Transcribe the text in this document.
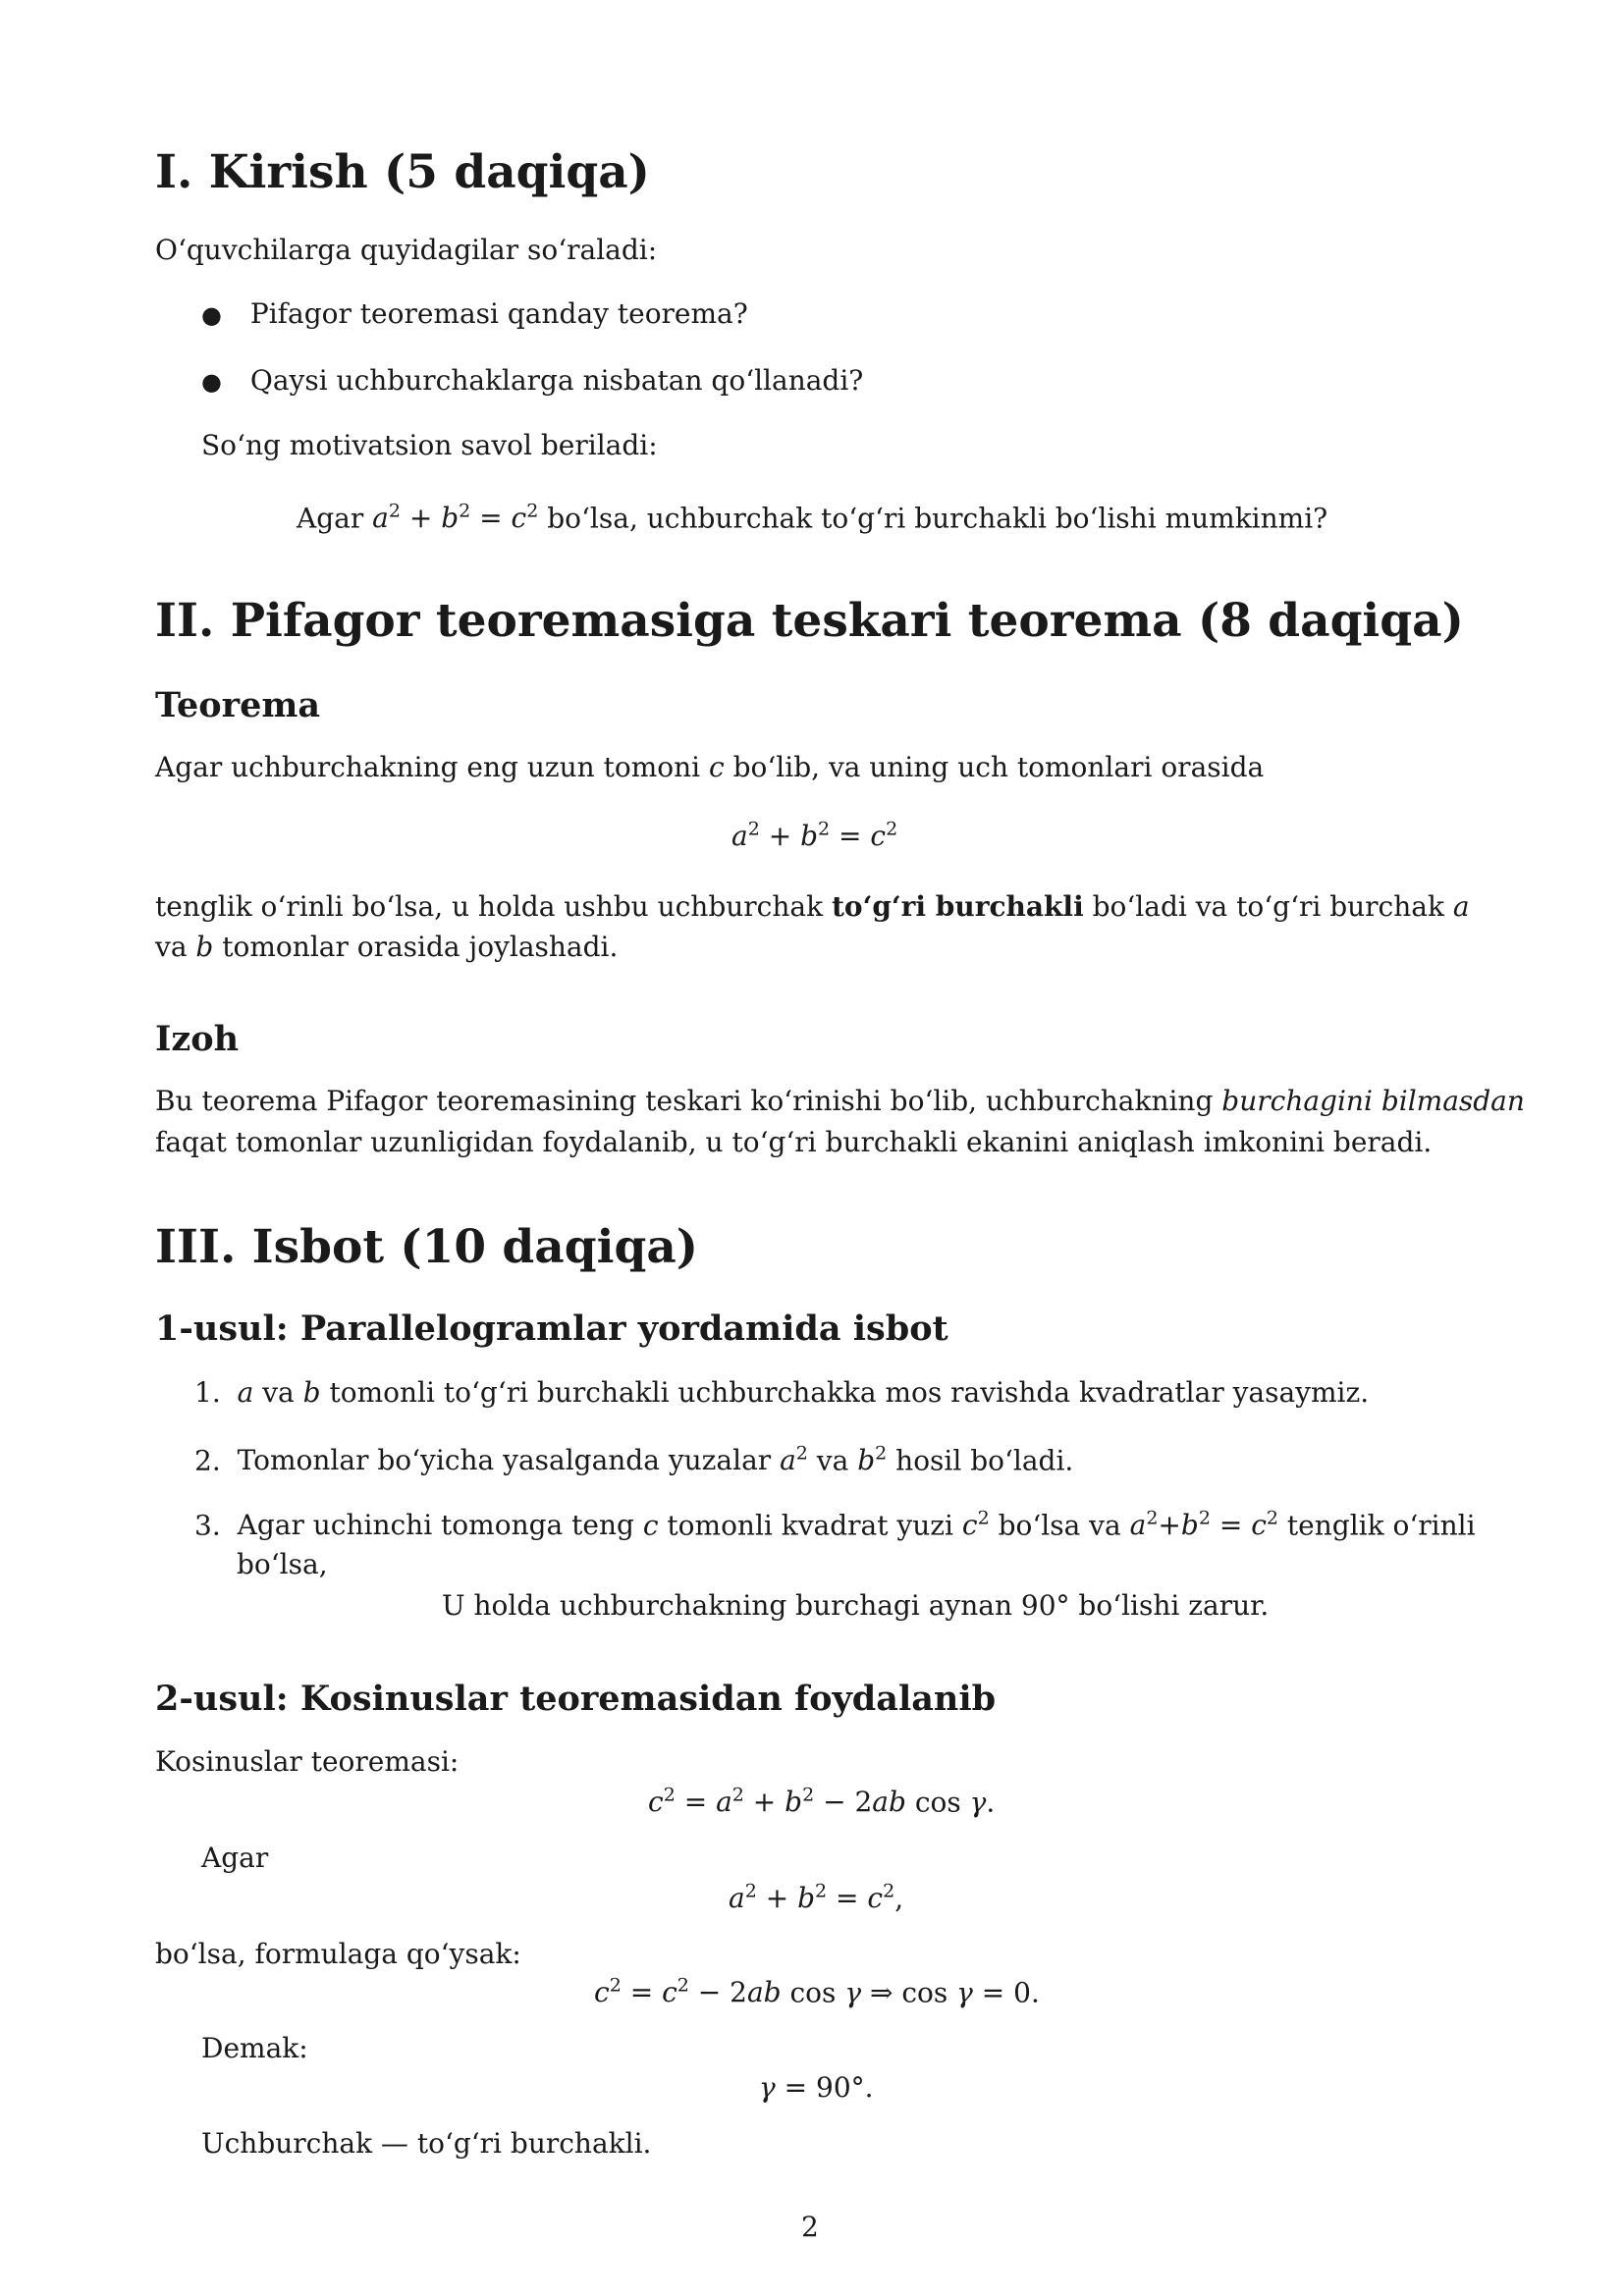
I. Kirish (5 daqiqa)
O‘quvchilarga quyidagilar so‘raladi:
● Pifagor teoremasi qanday teorema?
● Qaysi uchburchaklarga nisbatan qo‘llanadi?
So‘ng motivatsion savol beriladi:
Agar $a^2 + b^2 = c^2$ bo‘lsa, uchburchak to‘g‘ri burchakli bo‘lishi mumkinmi?
II. Pifagor teoremasiga teskari teorema (8 daqiqa)
Teorema
Agar uchburchakning eng uzun tomoni c bo‘lib, va uning uch tomonlari orasida
$a^2 + b^2 = c^2$
tenglik o‘rinli bo‘lsa, u holda ushbu uchburchak to‘g‘ri burchakli bo‘ladi va to‘g‘ri burchak a
va b tomonlar orasida joylashadi.
Izoh
Bu teorema Pifagor teoremasining teskari ko‘rinishi bo‘lib, uchburchakning burchagini bilmasdan
faqat tomonlar uzunligidan foydalanib, u to‘g‘ri burchakli ekanini aniqlash imkonini beradi.
III. Isbot (10 daqiqa)
1-usul: Parallelogramlar yordamida isbot
1. a va b tomonli to‘g‘ri burchakli uchburchakka mos ravishda kvadratlar yasaymiz.
2. Tomonlar bo‘yicha yasalganda yuzalar $a^2$ va $b^2$ hosil bo‘ladi.
3. Agar uchinchi tomonga teng c tomonli kvadrat yuzi $c^2$ bo‘lsa va $a^2+b^2 = c^2$ tenglik o‘rinli
bo‘lsa,
U holda uchburchakning burchagi aynan 90° bo‘lishi zarur.
2-usul: Kosinuslar teoremasidan foydalanib
Kosinuslar teoremasi:
$c^2 = a^2 + b^2 - 2ab$ cos γ.
Agar
$a^2 + b^2 = c^2$,
bo‘lsa, formulaga qo‘ysak:
$c^2 = c^2 - 2ab$ cos γ ⇒ cos γ = 0.
Demak:
γ = 90°.
Uchburchak — to‘g‘ri burchakli.
2
